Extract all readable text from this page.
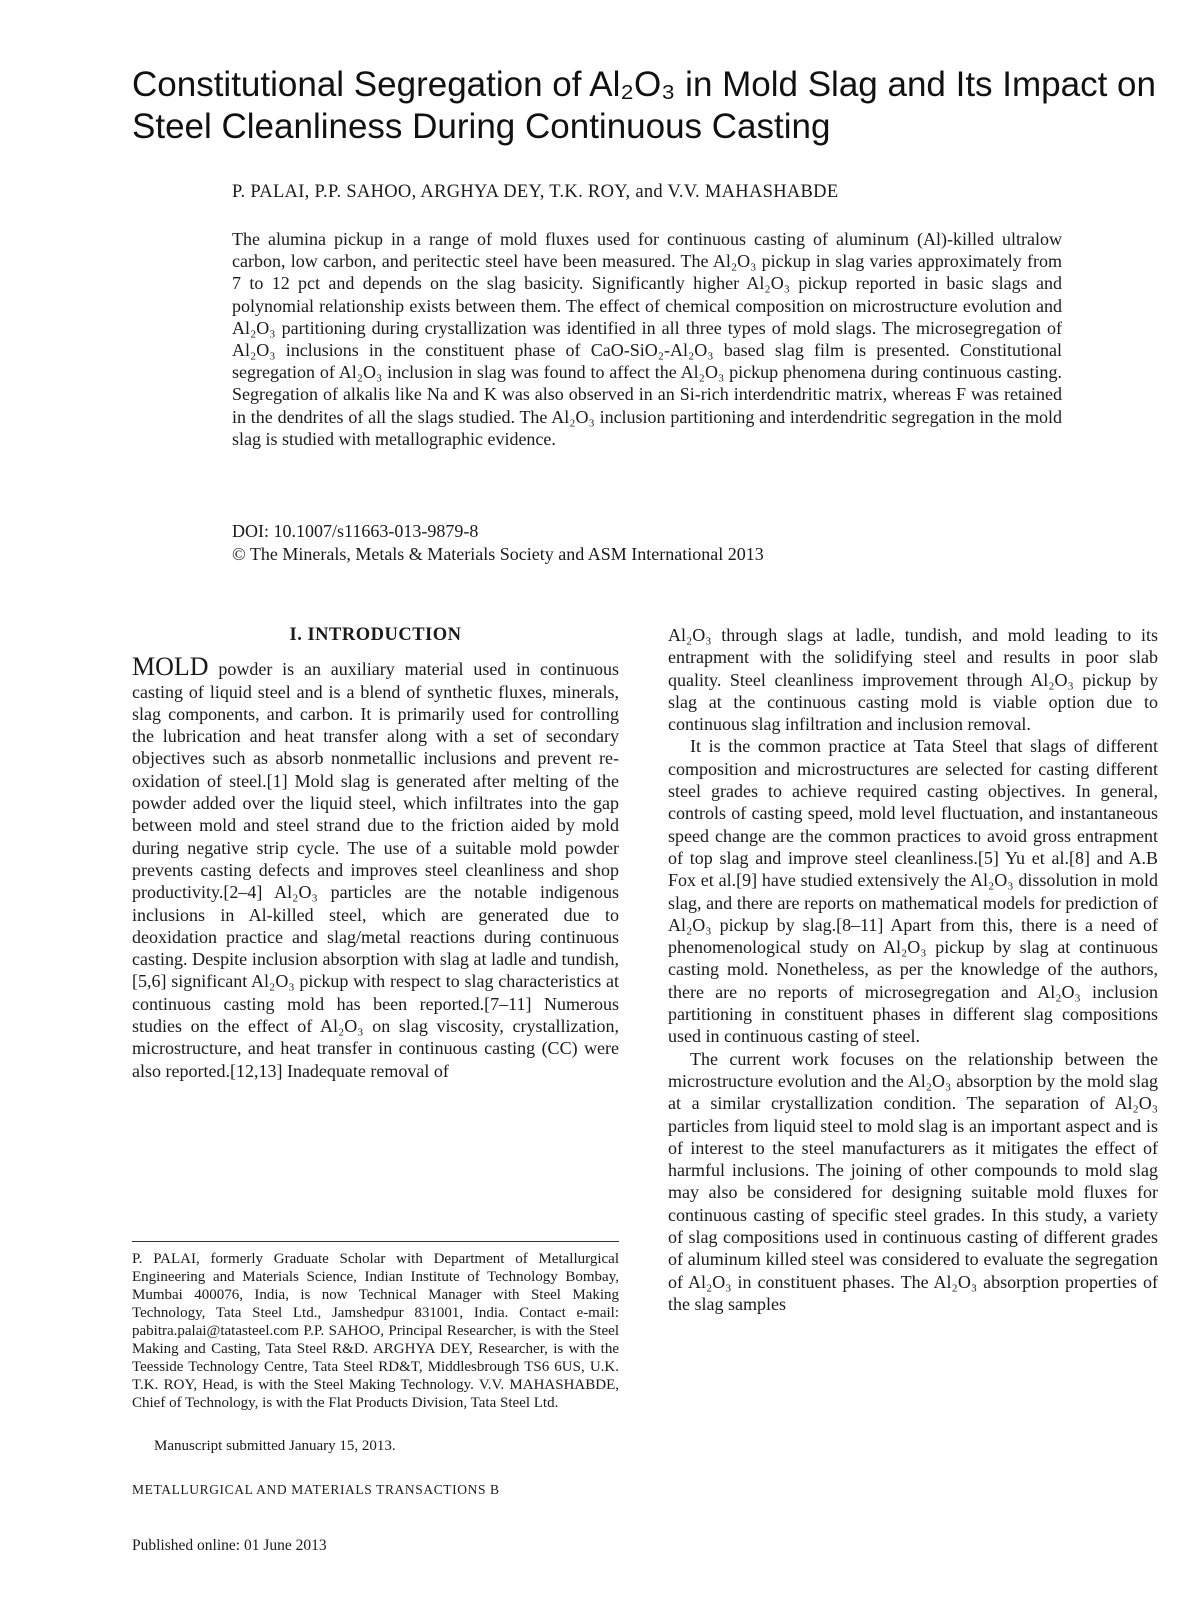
Constitutional Segregation of Al₂O₃ in Mold Slag and Its Impact on Steel Cleanliness During Continuous Casting
P. PALAI, P.P. SAHOO, ARGHYA DEY, T.K. ROY, and V.V. MAHASHABDE

The alumina pickup in a range of mold fluxes used for continuous casting of aluminum (Al)-killed ultralow carbon, low carbon, and peritectic steel have been measured. The Al₂O₃ pickup in slag varies approximately from 7 to 12 pct and depends on the slag basicity. Significantly higher Al₂O₃ pickup reported in basic slags and polynomial relationship exists between them. The effect of chemical composition on microstructure evolution and Al₂O₃ partitioning during crystallization was identified in all three types of mold slags. The microsegregation of Al₂O₃ inclusions in the constituent phase of CaO-SiO₂-Al₂O₃ based slag film is presented. Constitutional segregation of Al₂O₃ inclusion in slag was found to affect the Al₂O₃ pickup phenomena during continuous casting. Segregation of alkalis like Na and K was also observed in an Si-rich interdendritic matrix, whereas F was retained in the dendrites of all the slags studied. The Al₂O₃ inclusion partitioning and interdendritic segregation in the mold slag is studied with metallographic evidence.

DOI: 10.1007/s11663-013-9879-8
© The Minerals, Metals & Materials Society and ASM International 2013
I. INTRODUCTION

MOLD powder is an auxiliary material used in continuous casting of liquid steel and is a blend of synthetic fluxes, minerals, slag components, and carbon. It is primarily used for controlling the lubrication and heat transfer along with a set of secondary objectives such as absorb nonmetallic inclusions and prevent re-oxidation of steel.[1] Mold slag is generated after melting of the powder added over the liquid steel, which infiltrates into the gap between mold and steel strand due to the friction aided by mold during negative strip cycle. The use of a suitable mold powder prevents casting defects and improves steel cleanliness and shop productivity.[2–4] Al₂O₃ particles are the notable indigenous inclusions in Al-killed steel, which are generated due to deoxidation practice and slag/metal reactions during continuous casting. Despite inclusion absorption with slag at ladle and tundish,[5,6] significant Al₂O₃ pickup with respect to slag characteristics at continuous casting mold has been reported.[7–11] Numerous studies on the effect of Al₂O₃ on slag viscosity, crystallization, microstructure, and heat transfer in continuous casting (CC) were also reported.[12,13] Inadequate removal of

Al₂O₃ through slags at ladle, tundish, and mold leading to its entrapment with the solidifying steel and results in poor slab quality. Steel cleanliness improvement through Al₂O₃ pickup by slag at the continuous casting mold is viable option due to continuous slag infiltration and inclusion removal.

It is the common practice at Tata Steel that slags of different composition and microstructures are selected for casting different steel grades to achieve required casting objectives. In general, controls of casting speed, mold level fluctuation, and instantaneous speed change are the common practices to avoid gross entrapment of top slag and improve steel cleanliness.[5] Yu et al.[8] and A.B Fox et al.[9] have studied extensively the Al₂O₃ dissolution in mold slag, and there are reports on mathematical models for prediction of Al₂O₃ pickup by slag.[8–11] Apart from this, there is a need of phenomenological study on Al₂O₃ pickup by slag at continuous casting mold. Nonetheless, as per the knowledge of the authors, there are no reports of microsegregation and Al₂O₃ inclusion partitioning in constituent phases in different slag compositions used in continuous casting of steel.

The current work focuses on the relationship between the microstructure evolution and the Al₂O₃ absorption by the mold slag at a similar crystallization condition. The separation of Al₂O₃ particles from liquid steel to mold slag is an important aspect and is of interest to the steel manufacturers as it mitigates the effect of harmful inclusions. The joining of other compounds to mold slag may also be considered for designing suitable mold fluxes for continuous casting of specific steel grades. In this study, a variety of slag compositions used in continuous casting of different grades of aluminum killed steel was considered to evaluate the segregation of Al₂O₃ in constituent phases. The Al₂O₃ absorption properties of the slag samples

P. PALAI, formerly Graduate Scholar with Department of Metallurgical Engineering and Materials Science, Indian Institute of Technology Bombay, Mumbai 400076, India, is now Technical Manager with Steel Making Technology, Tata Steel Ltd., Jamshedpur 831001, India. Contact e-mail: pabitra.palai@tatasteel.com P.P. SAHOO, Principal Researcher, is with the Steel Making and Casting, Tata Steel R&D. ARGHYA DEY, Researcher, is with the Teesside Technology Centre, Tata Steel RD&T, Middlesbrough TS6 6US, U.K. T.K. ROY, Head, is with the Steel Making Technology. V.V. MAHASHABDE, Chief of Technology, is with the Flat Products Division, Tata Steel Ltd.

Manuscript submitted January 15, 2013.
METALLURGICAL AND MATERIALS TRANSACTIONS B
Published online: 01 June 2013
